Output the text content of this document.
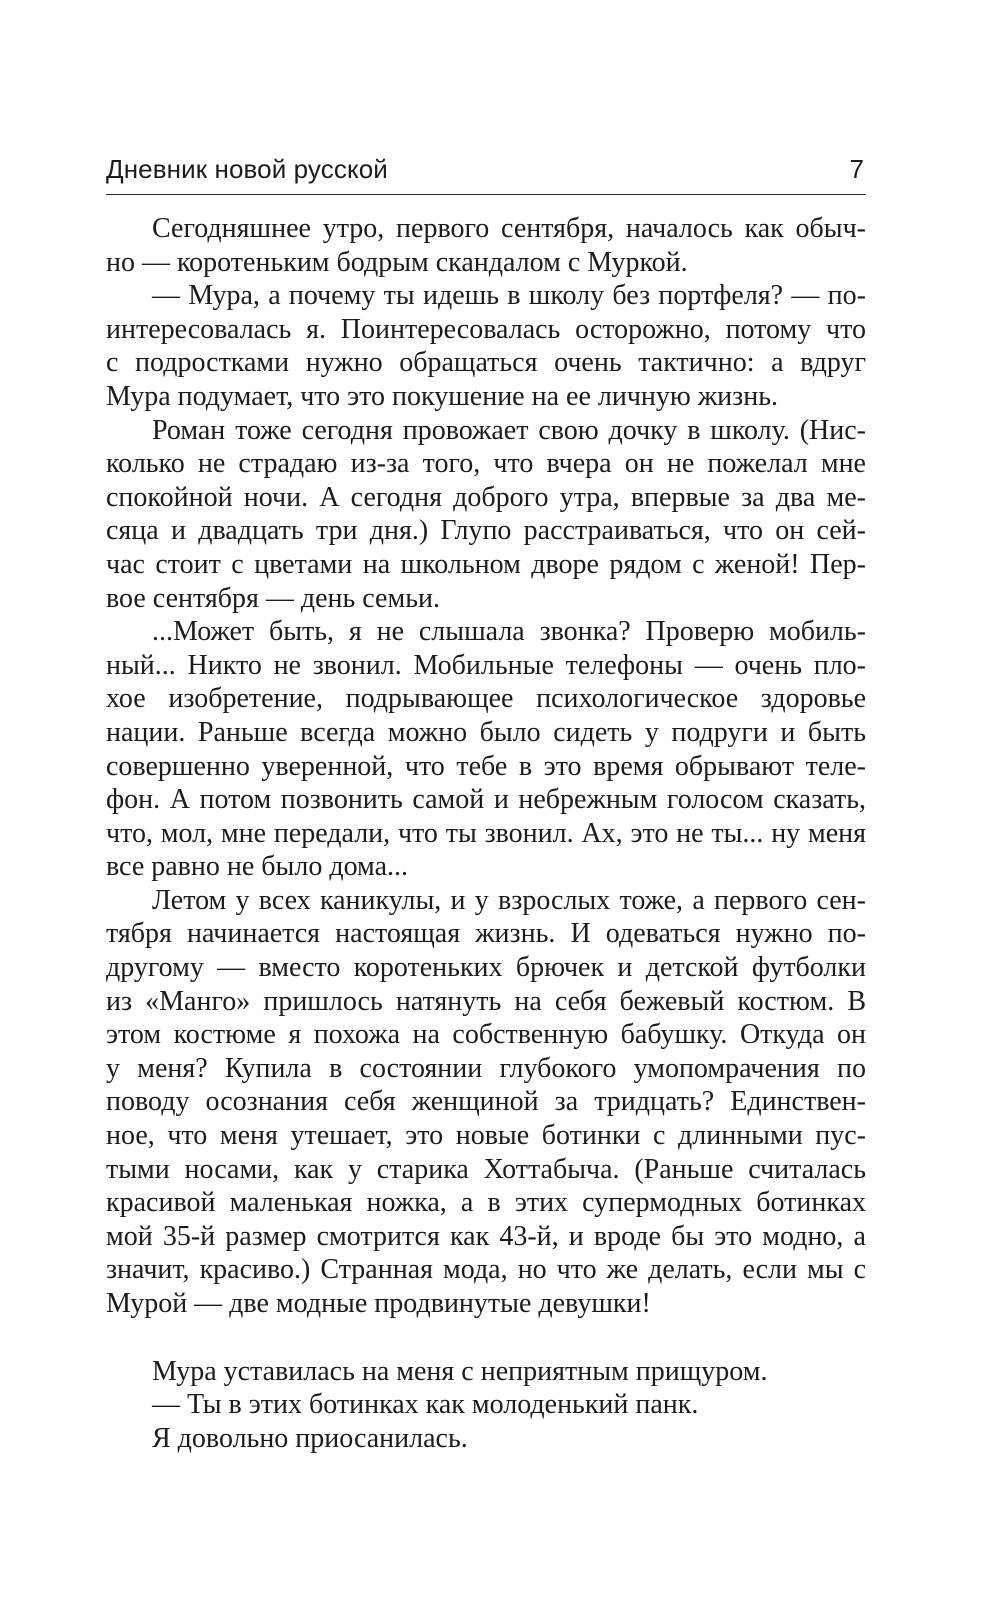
Дневник новой русской	7
Сегодняшнее утро, первого сентября, началось как обыч-
но — коротеньким бодрым скандалом с Муркой.
— Мура, а почему ты идешь в школу без портфеля? — по-
интересовалась я. Поинтересовалась осторожно, потому что
с подростками нужно обращаться очень тактично: а вдруг
Мура подумает, что это покушение на ее личную жизнь.
Роман тоже сегодня провожает свою дочку в школу. (Нис-
колько не страдаю из-за того, что вчера он не пожелал мне
спокойной ночи. А сегодня доброго утра, впервые за два ме-
сяца и двадцать три дня.) Глупо расстраиваться, что он сей-
час стоит с цветами на школьном дворе рядом с женой! Пер-
вое сентября — день семьи.
...Может быть, я не слышала звонка? Проверю мобиль-
ный... Никто не звонил. Мобильные телефоны — очень пло-
хое изобретение, подрывающее психологическое здоровье
нации. Раньше всегда можно было сидеть у подруги и быть
совершенно уверенной, что тебе в это время обрывают теле-
фон. А потом позвонить самой и небрежным голосом сказать,
что, мол, мне передали, что ты звонил. Ах, это не ты... ну меня
все равно не было дома...
Летом у всех каникулы, и у взрослых тоже, а первого сен-
тября начинается настоящая жизнь. И одеваться нужно по-
другому — вместо коротеньких брючек и детской футболки
из «Манго» пришлось натянуть на себя бежевый костюм. В
этом костюме я похожа на собственную бабушку. Откуда он
у меня? Купила в состоянии глубокого умопомрачения по
поводу осознания себя женщиной за тридцать? Единствен-
ное, что меня утешает, это новые ботинки с длинными пус-
тыми носами, как у старика Хоттабыча. (Раньше считалась
красивой маленькая ножка, а в этих супермодных ботинках
мой 35-й размер смотрится как 43-й, и вроде бы это модно, а
значит, красиво.) Странная мода, но что же делать, если мы с
Мурой — две модные продвинутые девушки!
Мура уставилась на меня с неприятным прищуром.
— Ты в этих ботинках как молоденький панк.
Я довольно приосанилась.
